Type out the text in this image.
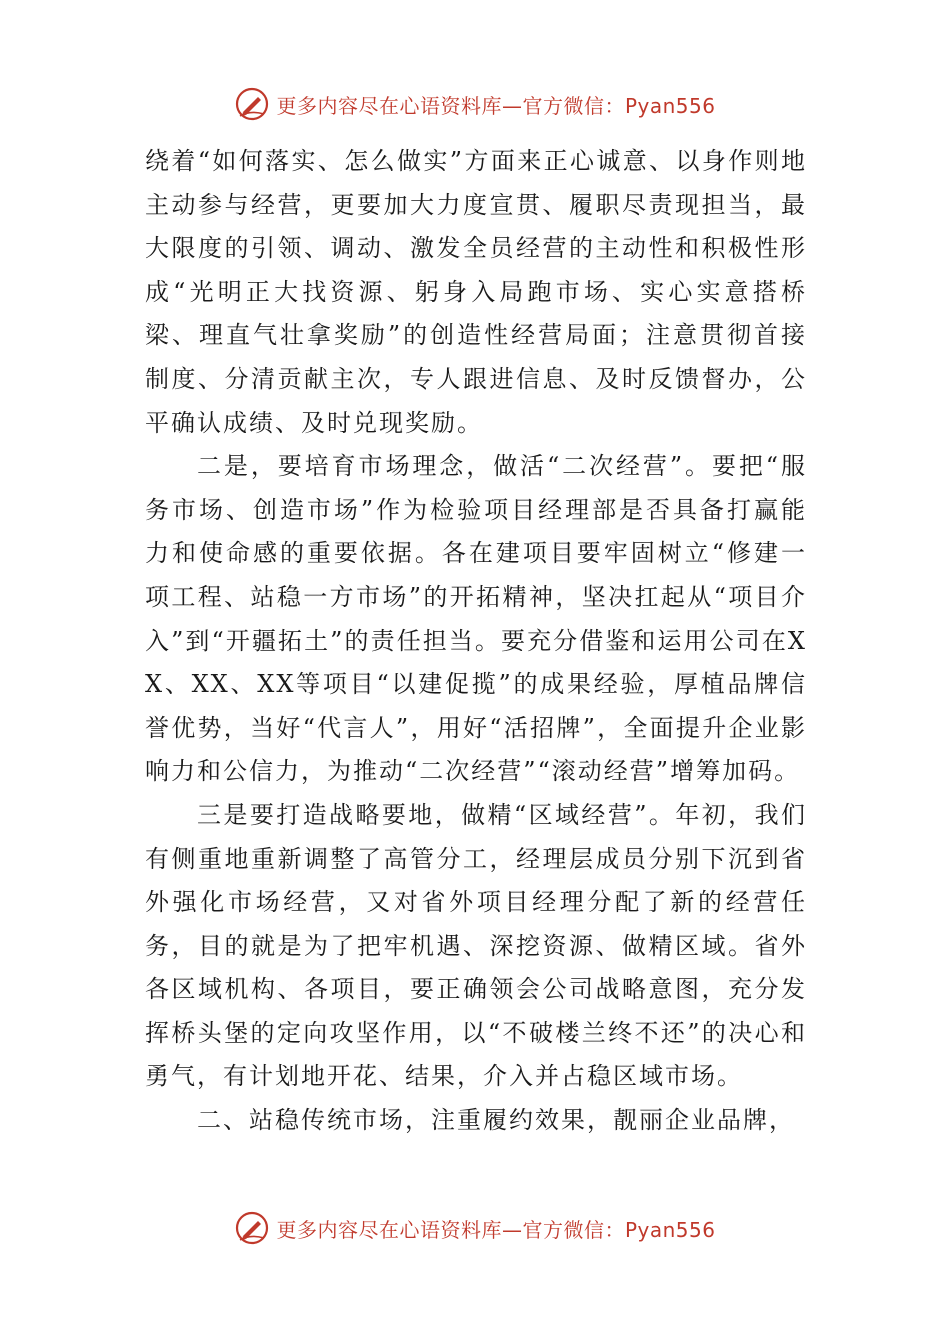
更多内容尽在心语资料库—官方微信：Pyan556

绕着“如何落实、怎么做实”方面来正心诚意、以身作则地主动参与经营，更要加大力度宣贯、履职尽责现担当，最大限度的引领、调动、激发全员经营的主动性和积极性形成“光明正大找资源、躬身入局跑市场、实心实意搭桥梁、理直气壮拿奖励”的创造性经营局面；注意贯彻首接制度、分清贡献主次，专人跟进信息、及时反馈督办，公平确认成绩、及时兑现奖励。

二是，要培育市场理念，做活“二次经营”。要把“服务市场、创造市场”作为检验项目经理部是否具备打赢能力和使命感的重要依据。各在建项目要牢固树立“修建一项工程、站稳一方市场”的开拓精神，坚决扛起从“项目介入”到“开疆拓土”的责任担当。要充分借鉴和运用公司在XX、XX、XX等项目“以建促揽”的成果经验，厚植品牌信誉优势，当好“代言人”，用好“活招牌”，全面提升企业影响力和公信力，为推动“二次经营”“滚动经营”增筹加码。

三是要打造战略要地，做精“区域经营”。年初，我们有侧重地重新调整了高管分工，经理层成员分别下沉到省外强化市场经营，又对省外项目经理分配了新的经营任务，目的就是为了把牢机遇、深挖资源、做精区域。省外各区域机构、各项目，要正确领会公司战略意图，充分发挥桥头堡的定向攻坚作用，以“不破楼兰终不还”的决心和勇气，有计划地开花、结果，介入并占稳区域市场。

二、站稳传统市场，注重履约效果，靓丽企业品牌，

更多内容尽在心语资料库—官方微信：Pyan556
